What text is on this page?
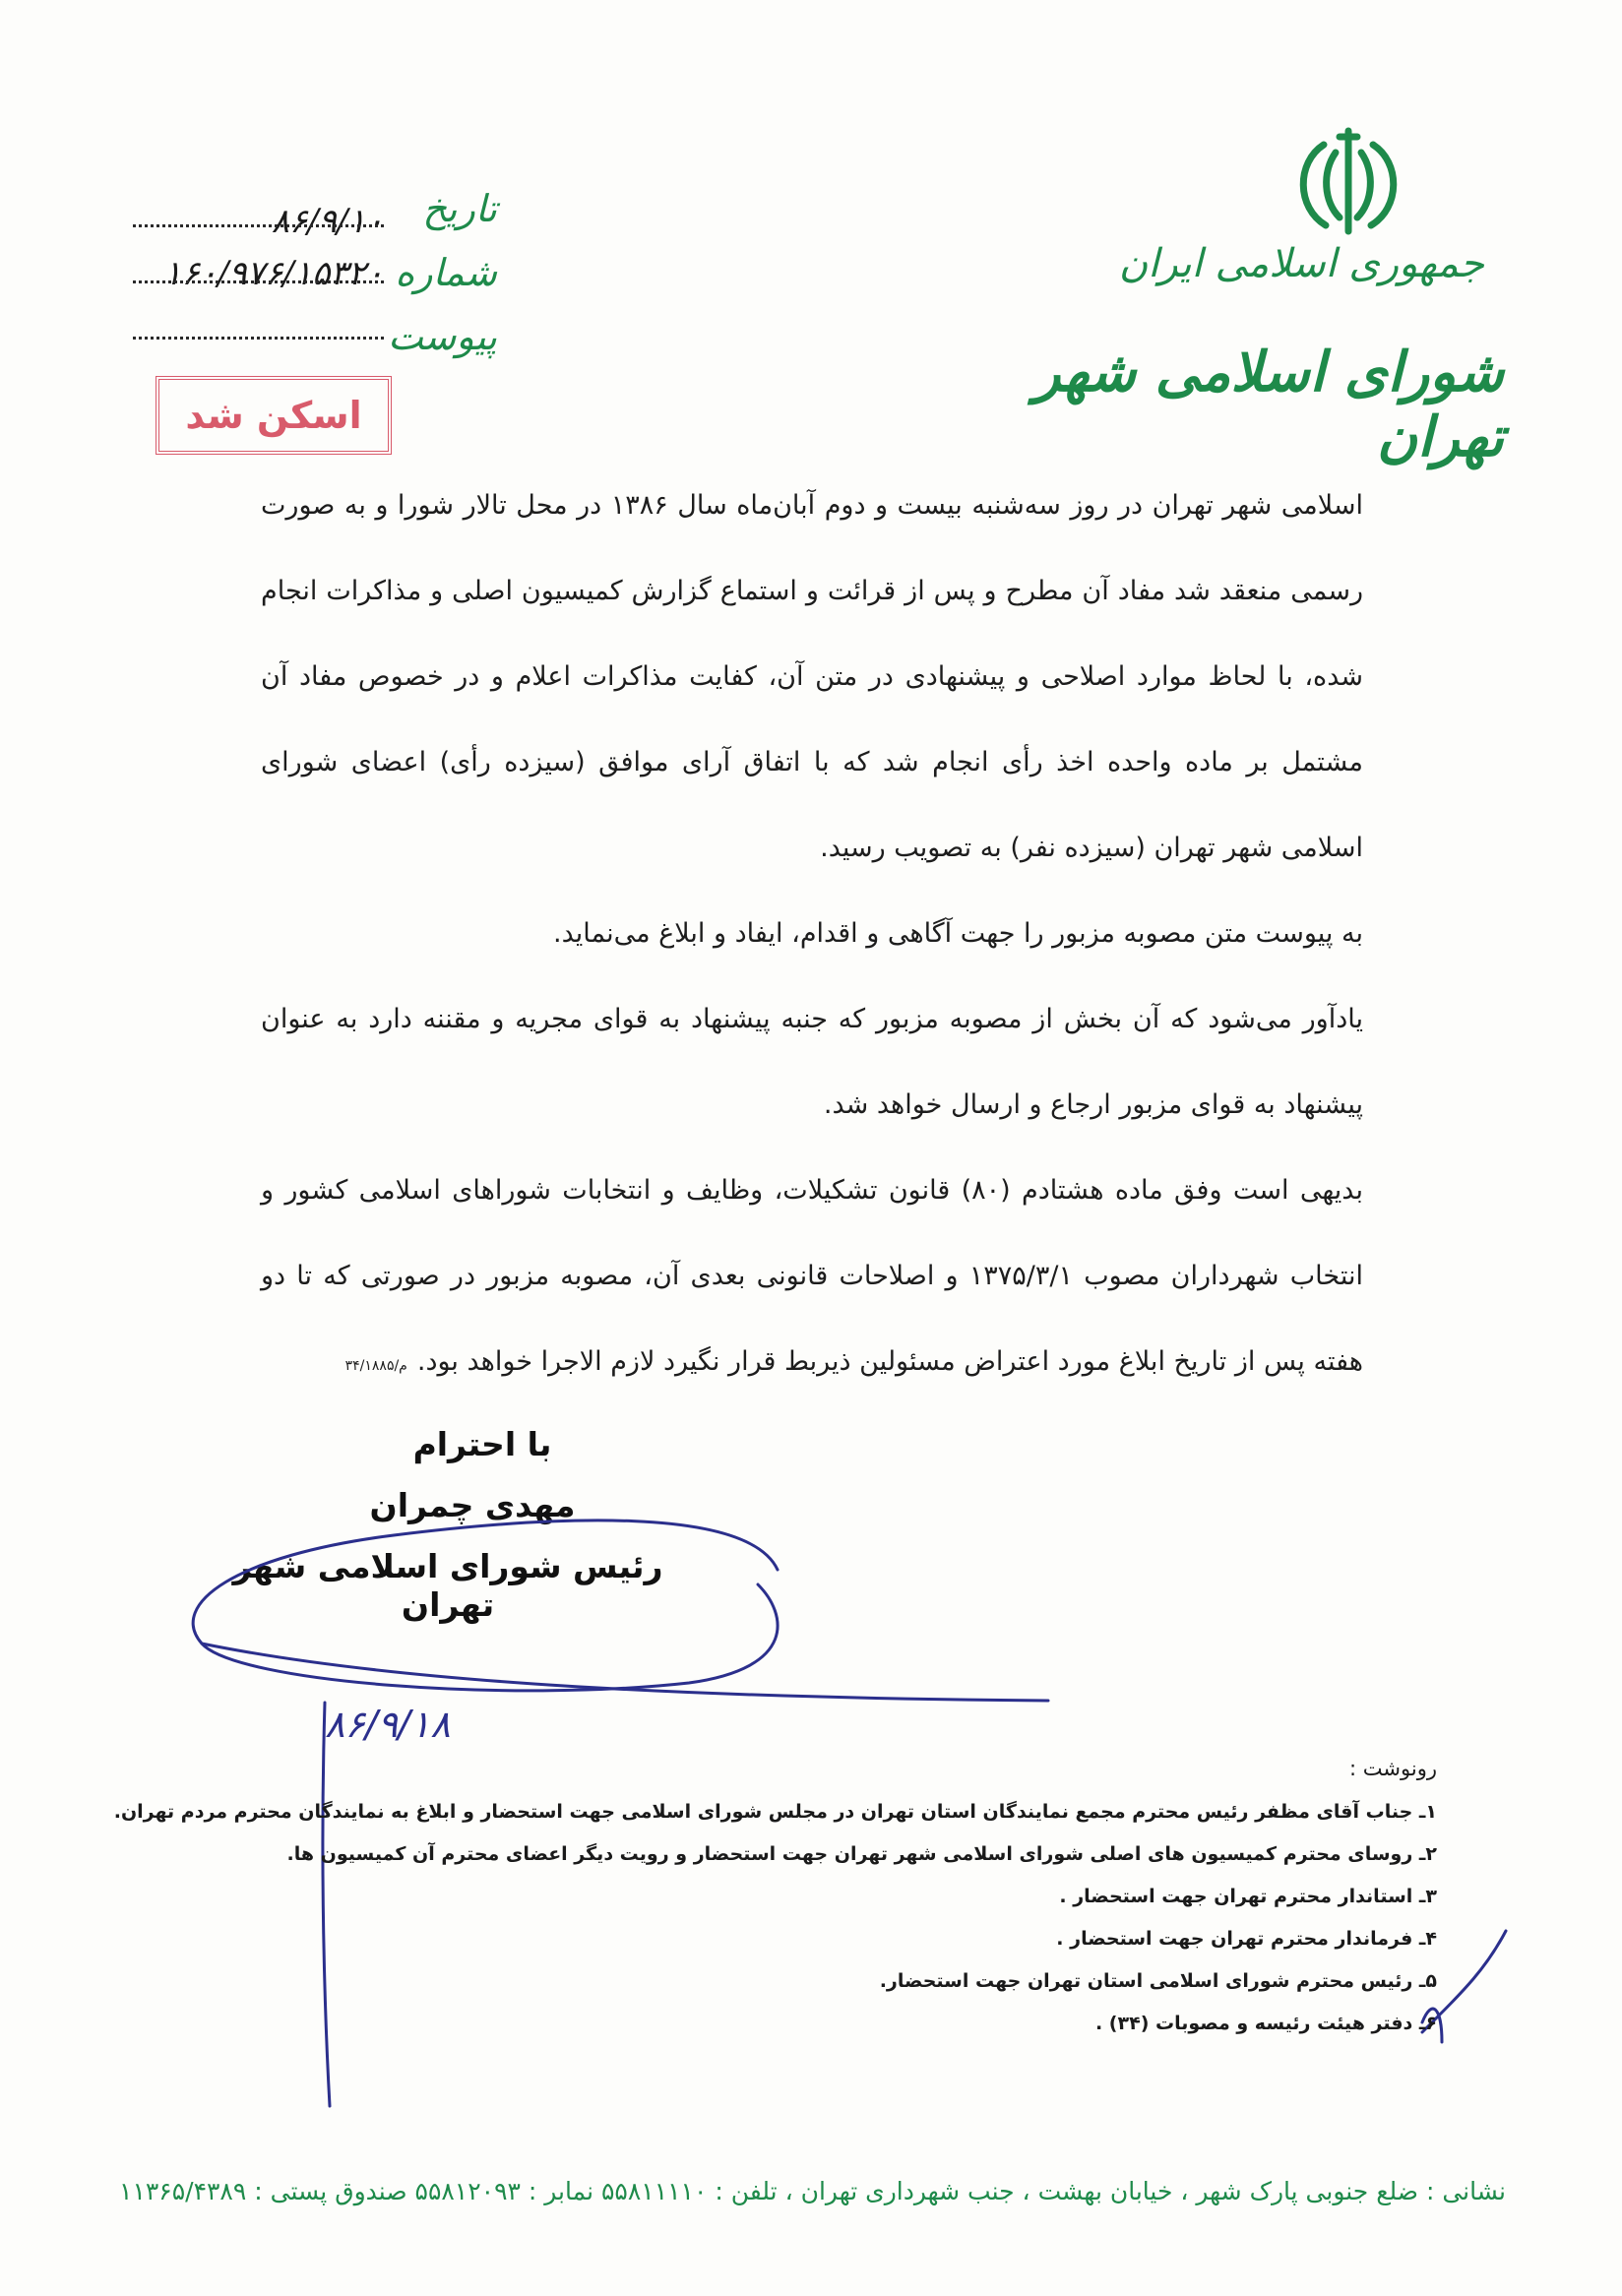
جمهوری اسلامی ایران
شورای اسلامی شهر تهران
تاریخ
شماره
پیوست
۸۶/۹/۱۰
۱۶۰/۹۷۶/۱۵۳۲۰
اسکن شد

اسلامی شهر تهران در روز سه‌شنبه بیست و دوم آبان‌ماه سال ۱۳۸۶ در محل تالار شورا و به صورت رسمی منعقد شد مفاد آن مطرح و پس از قرائت و استماع گزارش کمیسیون اصلی و مذاکرات انجام شده، با لحاظ موارد اصلاحی و پیشنهادی در متن آن، کفایت مذاکرات اعلام و در خصوص مفاد آن مشتمل بر ماده واحده اخذ رأی انجام شد که با اتفاق آرای موافق (سیزده رأی) اعضای شورای اسلامی شهر تهران (سیزده نفر) به تصویب رسید.

به پیوست متن مصوبه مزبور را جهت آگاهی و اقدام، ایفاد و ابلاغ می‌نماید.

یادآور می‌شود که آن بخش از مصوبه مزبور که جنبه پیشنهاد به قوای مجریه و مقننه دارد به عنوان پیشنهاد به قوای مزبور ارجاع و ارسال خواهد شد.

بدیهی است وفق ماده هشتادم (۸۰) قانون تشکیلات، وظایف و انتخابات شوراهای اسلامی کشور و انتخاب شهرداران مصوب ۱۳۷۵/۳/۱ و اصلاحات قانونی بعدی آن، مصوبه مزبور در صورتی که تا دو هفته پس از تاریخ ابلاغ مورد اعتراض مسئولین ذیربط قرار نگیرد لازم الاجرا خواهد بود.م/۳۴/۱۸۸۵

با احترام
مهدی چمران
رئیس شورای اسلامی شهر تهران
۸۶/۹/۱۸
رونوشت :
۱ـ جناب آقای مظفر رئیس محترم مجمع نمایندگان استان تهران در مجلس شورای اسلامی جهت استحضار و ابلاغ به نمایندگان محترم مردم تهران.
۲ـ روسای محترم کمیسیون های اصلی شورای اسلامی شهر تهران جهت استحضار و رویت دیگر اعضای محترم آن کمیسیون ها.
۳ـ استاندار محترم تهران جهت استحضار .
۴ـ فرماندار محترم تهران جهت استحضار .
۵ـ رئیس محترم شورای اسلامی استان تهران جهت استحضار.
۶ـ دفتر هیئت رئیسه و مصوبات (۳۴) .
نشانی : ضلع جنوبی پارک شهر ، خیابان بهشت ، جنب شهرداری تهران ، تلفن : ۵۵۸۱۱۱۱۰ نمابر : ۵۵۸۱۲۰۹۳ صندوق پستی : ۱۱۳۶۵/۴۳۸۹
